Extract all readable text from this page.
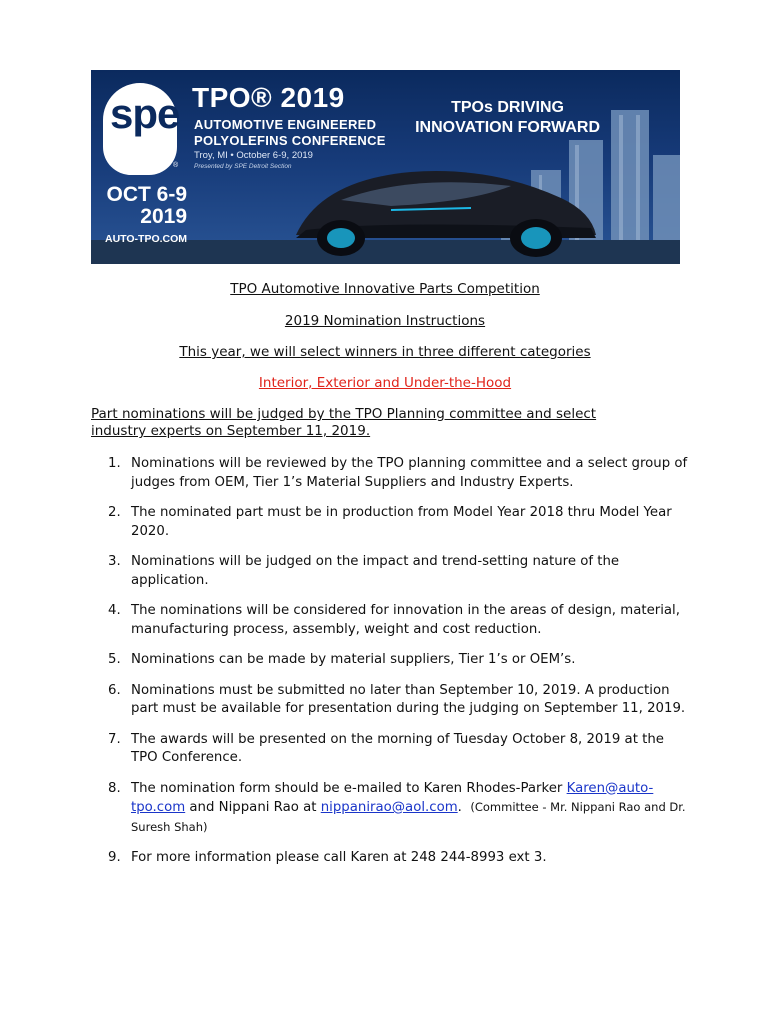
spe
®
TPO® 2019
AUTOMOTIVE ENGINEERED
POLYOLEFINS CONFERENCE
Troy, MI • October 6-9, 2019
Presented by SPE Detroit Section
TPOs DRIVING
INNOVATION FORWARD
OCT 6-9
2019
AUTO-TPO.COM
TPO Automotive Innovative Parts Competition
2019 Nomination Instructions
This year, we will select winners in three different categories
Interior, Exterior and Under-the-Hood
Part nominations will be judged by the TPO Planning committee and select industry experts on September 11, 2019.
1. Nominations will be reviewed by the TPO planning committee and a select group of judges from OEM, Tier 1’s Material Suppliers and Industry Experts.
2. The nominated part must be in production from Model Year 2018 thru Model Year 2020.
3. Nominations will be judged on the impact and trend-setting nature of the application.
4. The nominations will be considered for innovation in the areas of design, material, manufacturing process, assembly, weight and cost reduction.
5. Nominations can be made by material suppliers, Tier 1’s or OEM’s.
6. Nominations must be submitted no later than September 10, 2019. A production part must be available for presentation during the judging on September 11, 2019.
7. The awards will be presented on the morning of Tuesday October 8, 2019 at the TPO Conference.
8. The nomination form should be e-mailed to Karen Rhodes-Parker Karen@auto-tpo.com and Nippani Rao at nippanirao@aol.com.  (Committee - Mr. Nippani Rao and Dr. Suresh Shah)
9. For more information please call Karen at 248 244-8993 ext 3.
